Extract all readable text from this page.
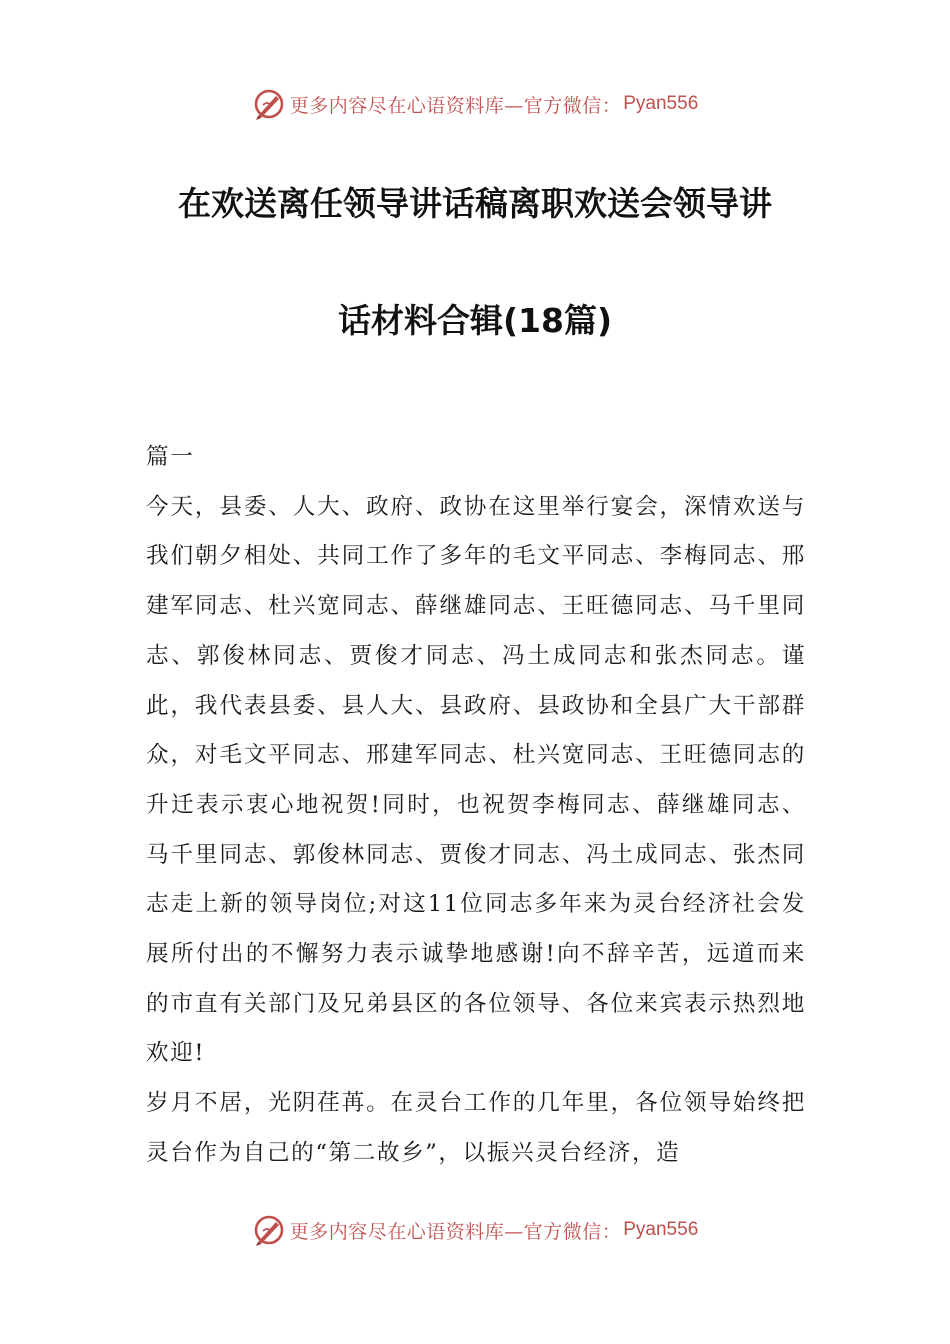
更多内容尽在心语资料库— 官方微信： Pyan556
在欢送离任领导讲话稿离职欢送会领导讲
话材料合辑(18篇)

篇一

今天，县委、人大、政府、政协在这里举行宴会，深情欢送与我们朝夕相处、共同工作了多年的毛文平同志、李梅同志、邢建军同志、杜兴宽同志、薛继雄同志、王旺德同志、马千里同志、郭俊林同志、贾俊才同志、冯土成同志和张杰同志。谨此，我代表县委、县人大、县政府、县政协和全县广大干部群众，对毛文平同志、邢建军同志、杜兴宽同志、王旺德同志的升迁表示衷心地祝贺!同时，也祝贺李梅同志、薛继雄同志、马千里同志、郭俊林同志、贾俊才同志、冯土成同志、张杰同志走上新的领导岗位;对这11位同志多年来为灵台经济社会发展所付出的不懈努力表示诚挚地感谢!向不辞辛苦，远道而来的市直有关部门及兄弟县区的各位领导、各位来宾表示热烈地欢迎!

岁月不居，光阴荏苒。在灵台工作的几年里，各位领导始终把灵台作为自己的“第二故乡”，以振兴灵台经济，造

更多内容尽在心语资料库— 官方微信： Pyan556
